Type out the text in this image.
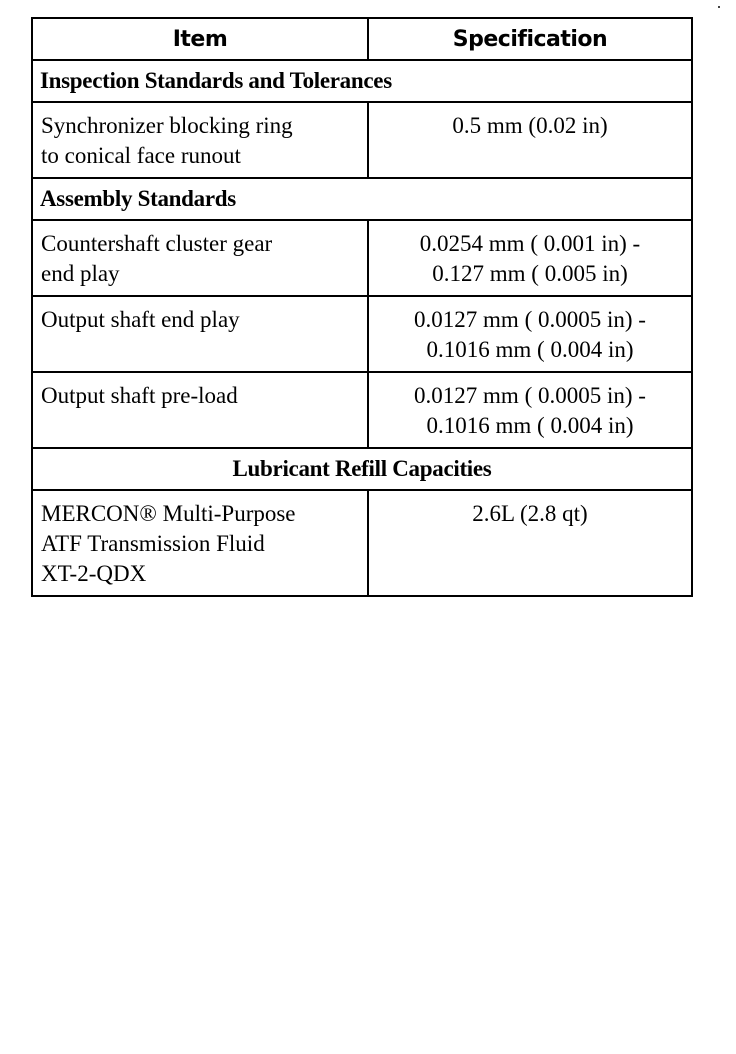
Item	Specification
Inspection Standards and Tolerances	

Synchronizer blocking ring
to conical face runout	0.5 mm (0.02 in)

Assembly Standards	

Countershaft cluster gear
end play	0.0254 mm ( 0.001 in) -
0.127 mm ( 0.005 in)

Output shaft end play	0.0127 mm ( 0.0005 in) -
0.1016 mm ( 0.004 in)

Output shaft pre-load	0.0127 mm ( 0.0005 in) -
0.1016 mm ( 0.004 in)

Lubricant Refill Capacities	

MERCON® Multi-Purpose
ATF Transmission Fluid
XT-2-QDX	2.6L (2.8 qt)
